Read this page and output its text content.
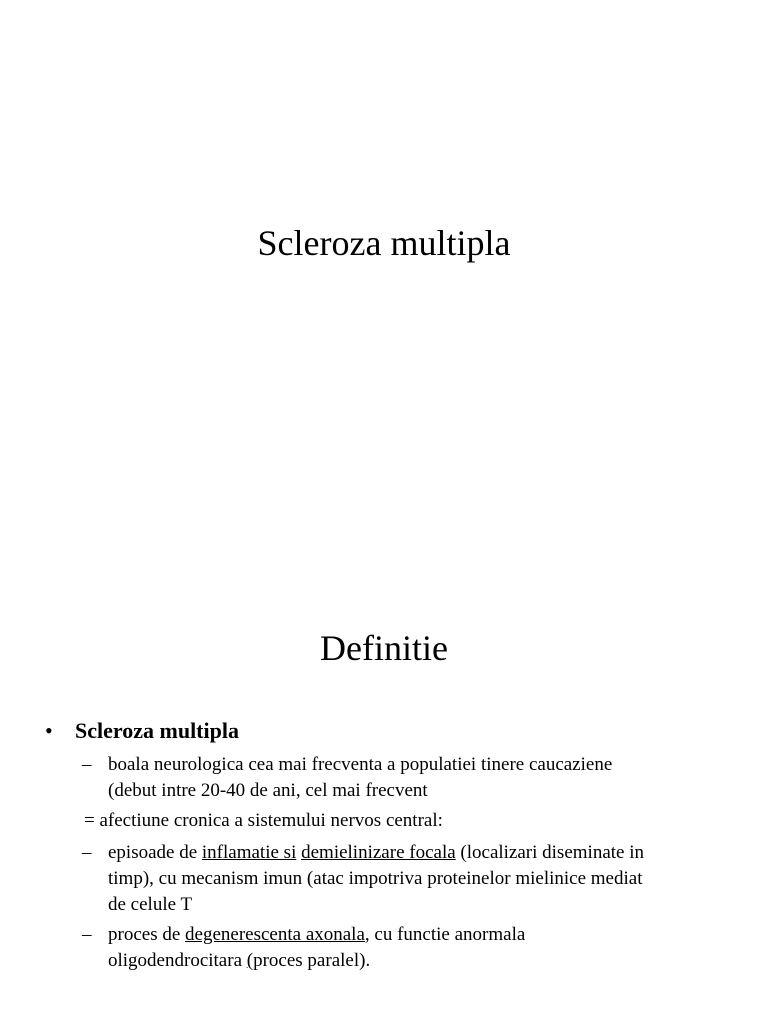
Scleroza multipla
Definitie
•	Scleroza multipla
– boala neurologica cea mai frecventa a populatiei tinere caucaziene
(debut intre 20-40 de ani, cel mai frecvent
= afectiune cronica a sistemului nervos central:
– episoade de inflamatie si demielinizare focala (localizari diseminate in
timp), cu mecanism imun (atac impotriva proteinelor mielinice mediat
de celule T
– proces de degenerescenta axonala, cu functie anormala
oligodendrocitara (proces paralel).
